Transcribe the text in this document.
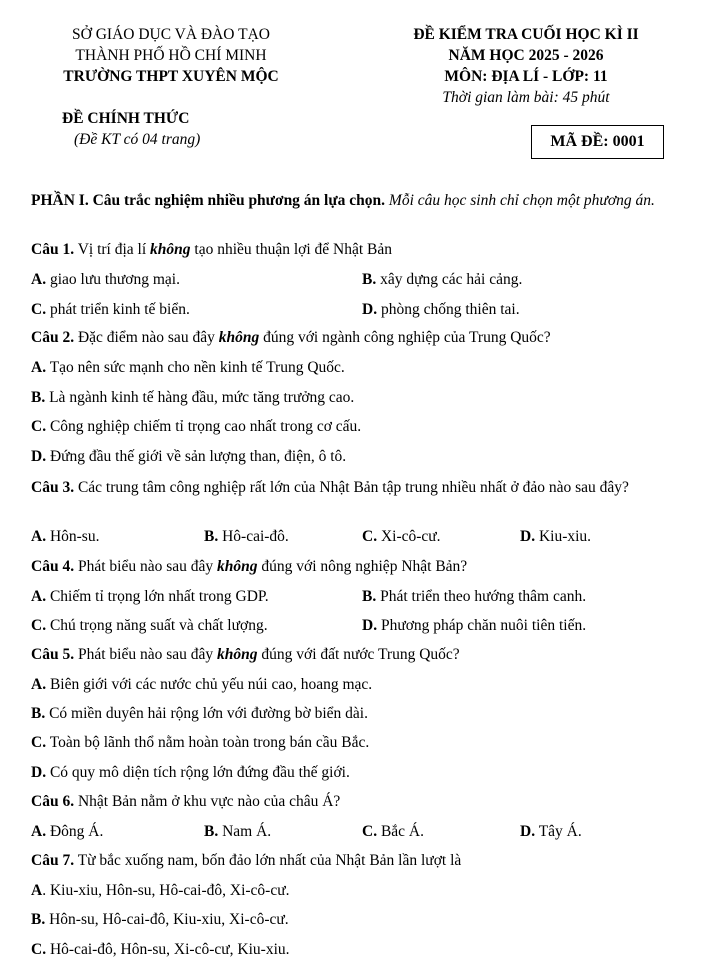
SỞ GIÁO DỤC VÀ ĐÀO TẠO
THÀNH PHỐ HỒ CHÍ MINH
TRƯỜNG THPT XUYÊN MỘC
ĐỀ CHÍNH THỨC
(Đề KT có 04 trang)
ĐỀ KIỂM TRA CUỐI HỌC KÌ II
NĂM HỌC 2025 - 2026
MÔN: ĐỊA LÍ - LỚP: 11
Thời gian làm bài: 45 phút
MÃ ĐỀ: 0001
PHẦN I. Câu trắc nghiệm nhiều phương án lựa chọn. Mỗi câu học sinh chỉ chọn một phương án.
Câu 1. Vị trí địa lí không tạo nhiều thuận lợi để Nhật Bản
A. giao lưu thương mại.	B. xây dựng các hải cảng.
C. phát triển kinh tế biển.	D. phòng chống thiên tai.
Câu 2. Đặc điểm nào sau đây không đúng với ngành công nghiệp của Trung Quốc?
A. Tạo nên sức mạnh cho nền kinh tế Trung Quốc.
B. Là ngành kinh tế hàng đầu, mức tăng trưởng cao.
C. Công nghiệp chiếm tỉ trọng cao nhất trong cơ cấu.
D. Đứng đầu thế giới về sản lượng than, điện, ô tô.
Câu 3. Các trung tâm công nghiệp rất lớn của Nhật Bản tập trung nhiều nhất ở đảo nào sau đây?
A. Hôn-su.	B. Hô-cai-đô.	C. Xi-cô-cư.	D. Kiu-xiu.
Câu 4. Phát biểu nào sau đây không đúng với nông nghiệp Nhật Bản?
A. Chiếm tỉ trọng lớn nhất trong GDP.	B. Phát triển theo hướng thâm canh.
C. Chú trọng năng suất và chất lượng.	D. Phương pháp chăn nuôi tiên tiến.
Câu 5. Phát biểu nào sau đây không đúng với đất nước Trung Quốc?
A. Biên giới với các nước chủ yếu núi cao, hoang mạc.
B. Có miền duyên hải rộng lớn với đường bờ biển dài.
C. Toàn bộ lãnh thổ nằm hoàn toàn trong bán cầu Bắc.
D. Có quy mô diện tích rộng lớn đứng đầu thế giới.
Câu 6. Nhật Bản nằm ở khu vực nào của châu Á?
A. Đông Á.	B. Nam Á.	C. Bắc Á.	D. Tây Á.
Câu 7. Từ bắc xuống nam, bốn đảo lớn nhất của Nhật Bản lần lượt là
A. Kiu-xiu, Hôn-su, Hô-cai-đô, Xi-cô-cư.
B. Hôn-su, Hô-cai-đô, Kiu-xiu, Xi-cô-cư.
C. Hô-cai-đô, Hôn-su, Xi-cô-cư, Kiu-xiu.
